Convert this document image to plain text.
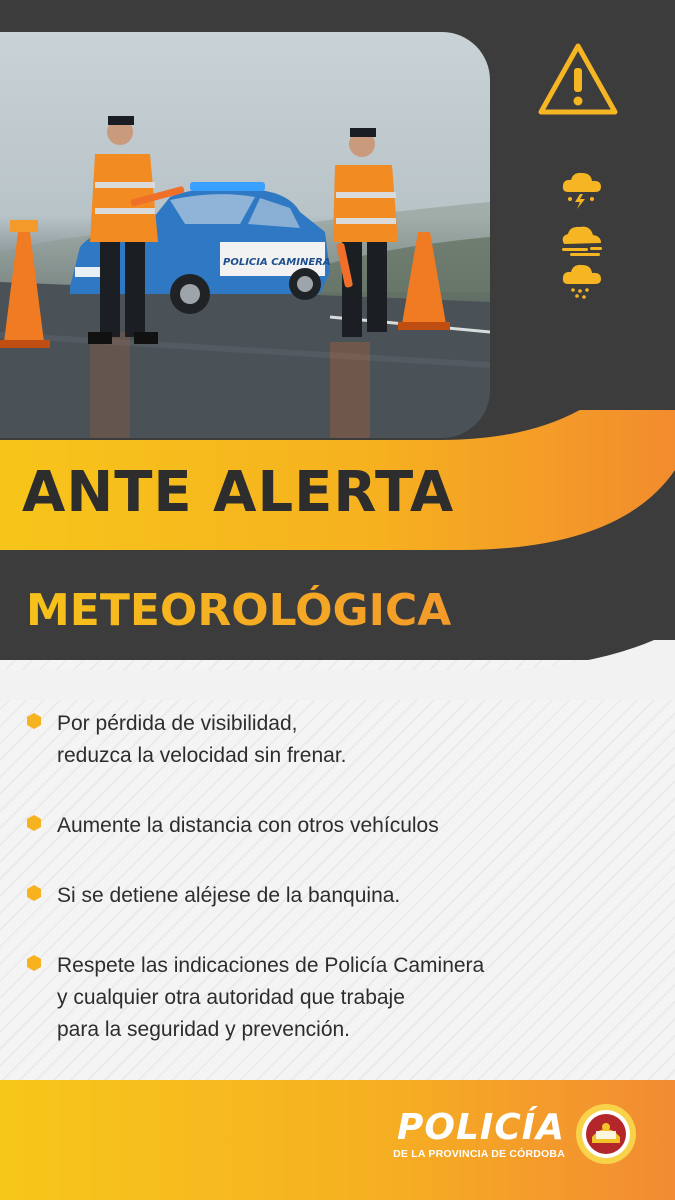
POLICIA CAMINERA
ANTE ALERTA
METEOROLÓGICA
Por pérdida de visibilidad,
reduzca la velocidad sin frenar.
Aumente la distancia con otros vehículos
Si se detiene aléjese de la banquina.
Respete las indicaciones de Policía Caminera
y cualquier otra autoridad que trabaje
para la seguridad y prevención.
POLICÍA
DE LA PROVINCIA DE CÓRDOBA
